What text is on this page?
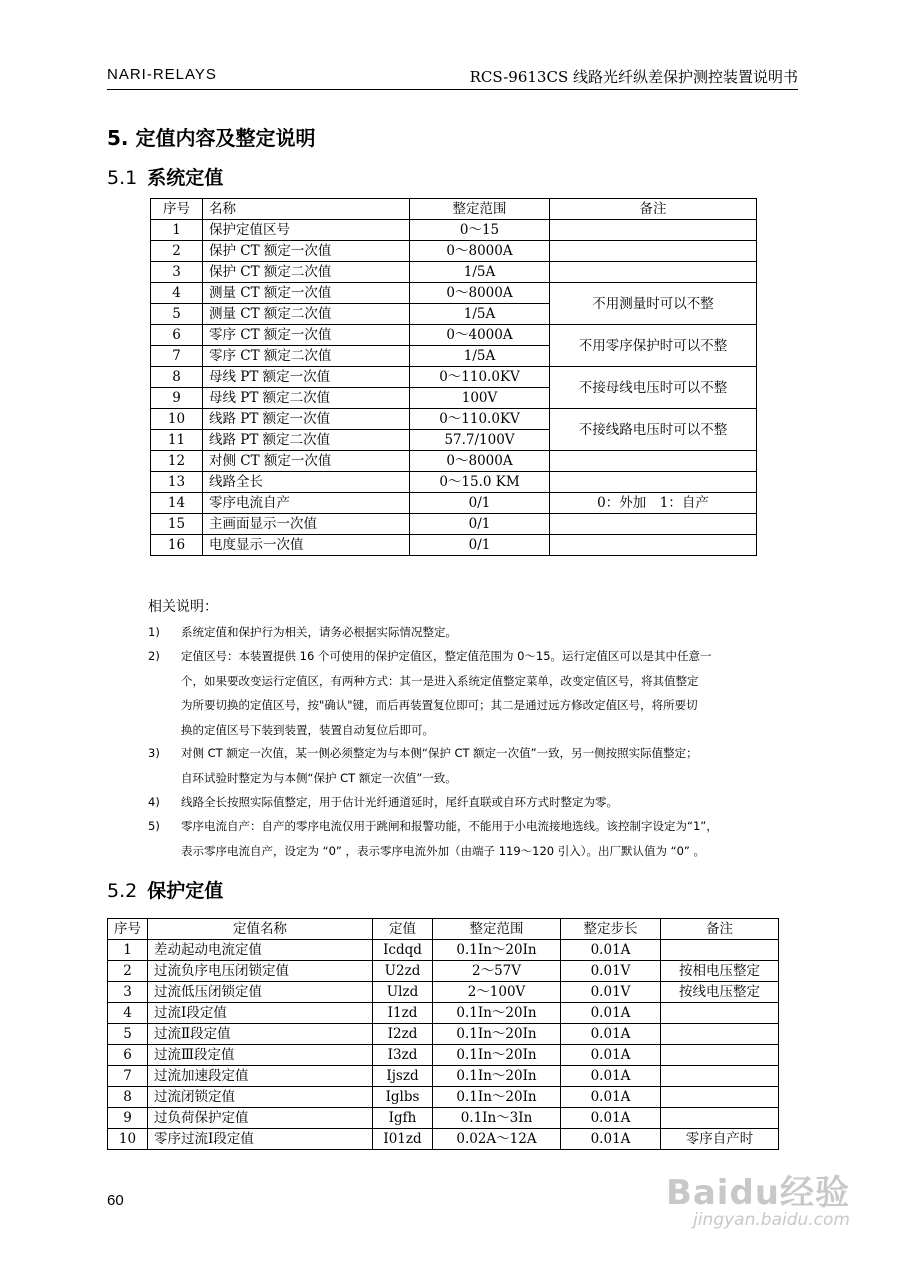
NARI-RELAYS	RCS-9613CS 线路光纤纵差保护测控装置说明书
5. 定值内容及整定说明
5.1 系统定值
序号	名称	整定范围	备注
1	保护定值区号	0～15	
2	保护 CT 额定一次值	0～8000A	
3	保护 CT 额定二次值	1/5A	
4	测量 CT 额定一次值	0～8000A	不用测量时可以不整
5	测量 CT 额定二次值	1/5A	
6	零序 CT 额定一次值	0～4000A	不用零序保护时可以不整
7	零序 CT 额定二次值	1/5A	
8	母线 PT 额定一次值	0～110.0KV	不接母线电压时可以不整
9	母线 PT 额定二次值	100V	
10	线路 PT 额定一次值	0～110.0KV	不接线路电压时可以不整
11	线路 PT 额定二次值	57.7/100V	
12	对侧 CT 额定一次值	0～8000A	
13	线路全长	0～15.0 KM	
14	零序电流自产	0/1	0：外加　1：自产
15	主画面显示一次值	0/1	
16	电度显示一次值	0/1	
相关说明：
1)	系统定值和保护行为相关，请务必根据实际情况整定。
2)	定值区号：本装置提供 16 个可使用的保护定值区，整定值范围为 0～15。运行定值区可以是其中任意一
个，如果要改变运行定值区，有两种方式：其一是进入系统定值整定菜单，改变定值区号，将其值整定
为所要切换的定值区号，按"确认"键，而后再装置复位即可；其二是通过远方修改定值区号，将所要切
换的定值区号下装到装置，装置自动复位后即可。
3)	对侧 CT 额定一次值，某一侧必须整定为与本侧“保护 CT 额定一次值”一致，另一侧按照实际值整定；
自环试验时整定为与本侧“保护 CT 额定一次值”一致。
4)	线路全长按照实际值整定，用于估计光纤通道延时，尾纤直联或自环方式时整定为零。
5)	零序电流自产：自产的零序电流仅用于跳闸和报警功能，不能用于小电流接地选线。该控制字设定为“1”，
表示零序电流自产，设定为 “0” ，表示零序电流外加（由端子 119～120 引入）。出厂默认值为 “0” 。
5.2 保护定值
序号	定值名称	定值	整定范围	整定步长	备注
1	差动起动电流定值	Icdqd	0.1In～20In	0.01A	
2	过流负序电压闭锁定值	U2zd	2～57V	0.01V	按相电压整定
3	过流低压闭锁定值	Ulzd	2～100V	0.01V	按线电压整定
4	过流Ⅰ段定值	I1zd	0.1In～20In	0.01A	
5	过流Ⅱ段定值	I2zd	0.1In～20In	0.01A	
6	过流Ⅲ段定值	I3zd	0.1In～20In	0.01A	
7	过流加速段定值	Ijszd	0.1In～20In	0.01A	
8	过流闭锁定值	Iglbs	0.1In～20In	0.01A	
9	过负荷保护定值	Igfh	0.1In～3In	0.01A	
10	零序过流Ⅰ段定值	I01zd	0.02A～12A	0.01A	零序自产时
60	Baidu经验
jingyan.baidu.com
